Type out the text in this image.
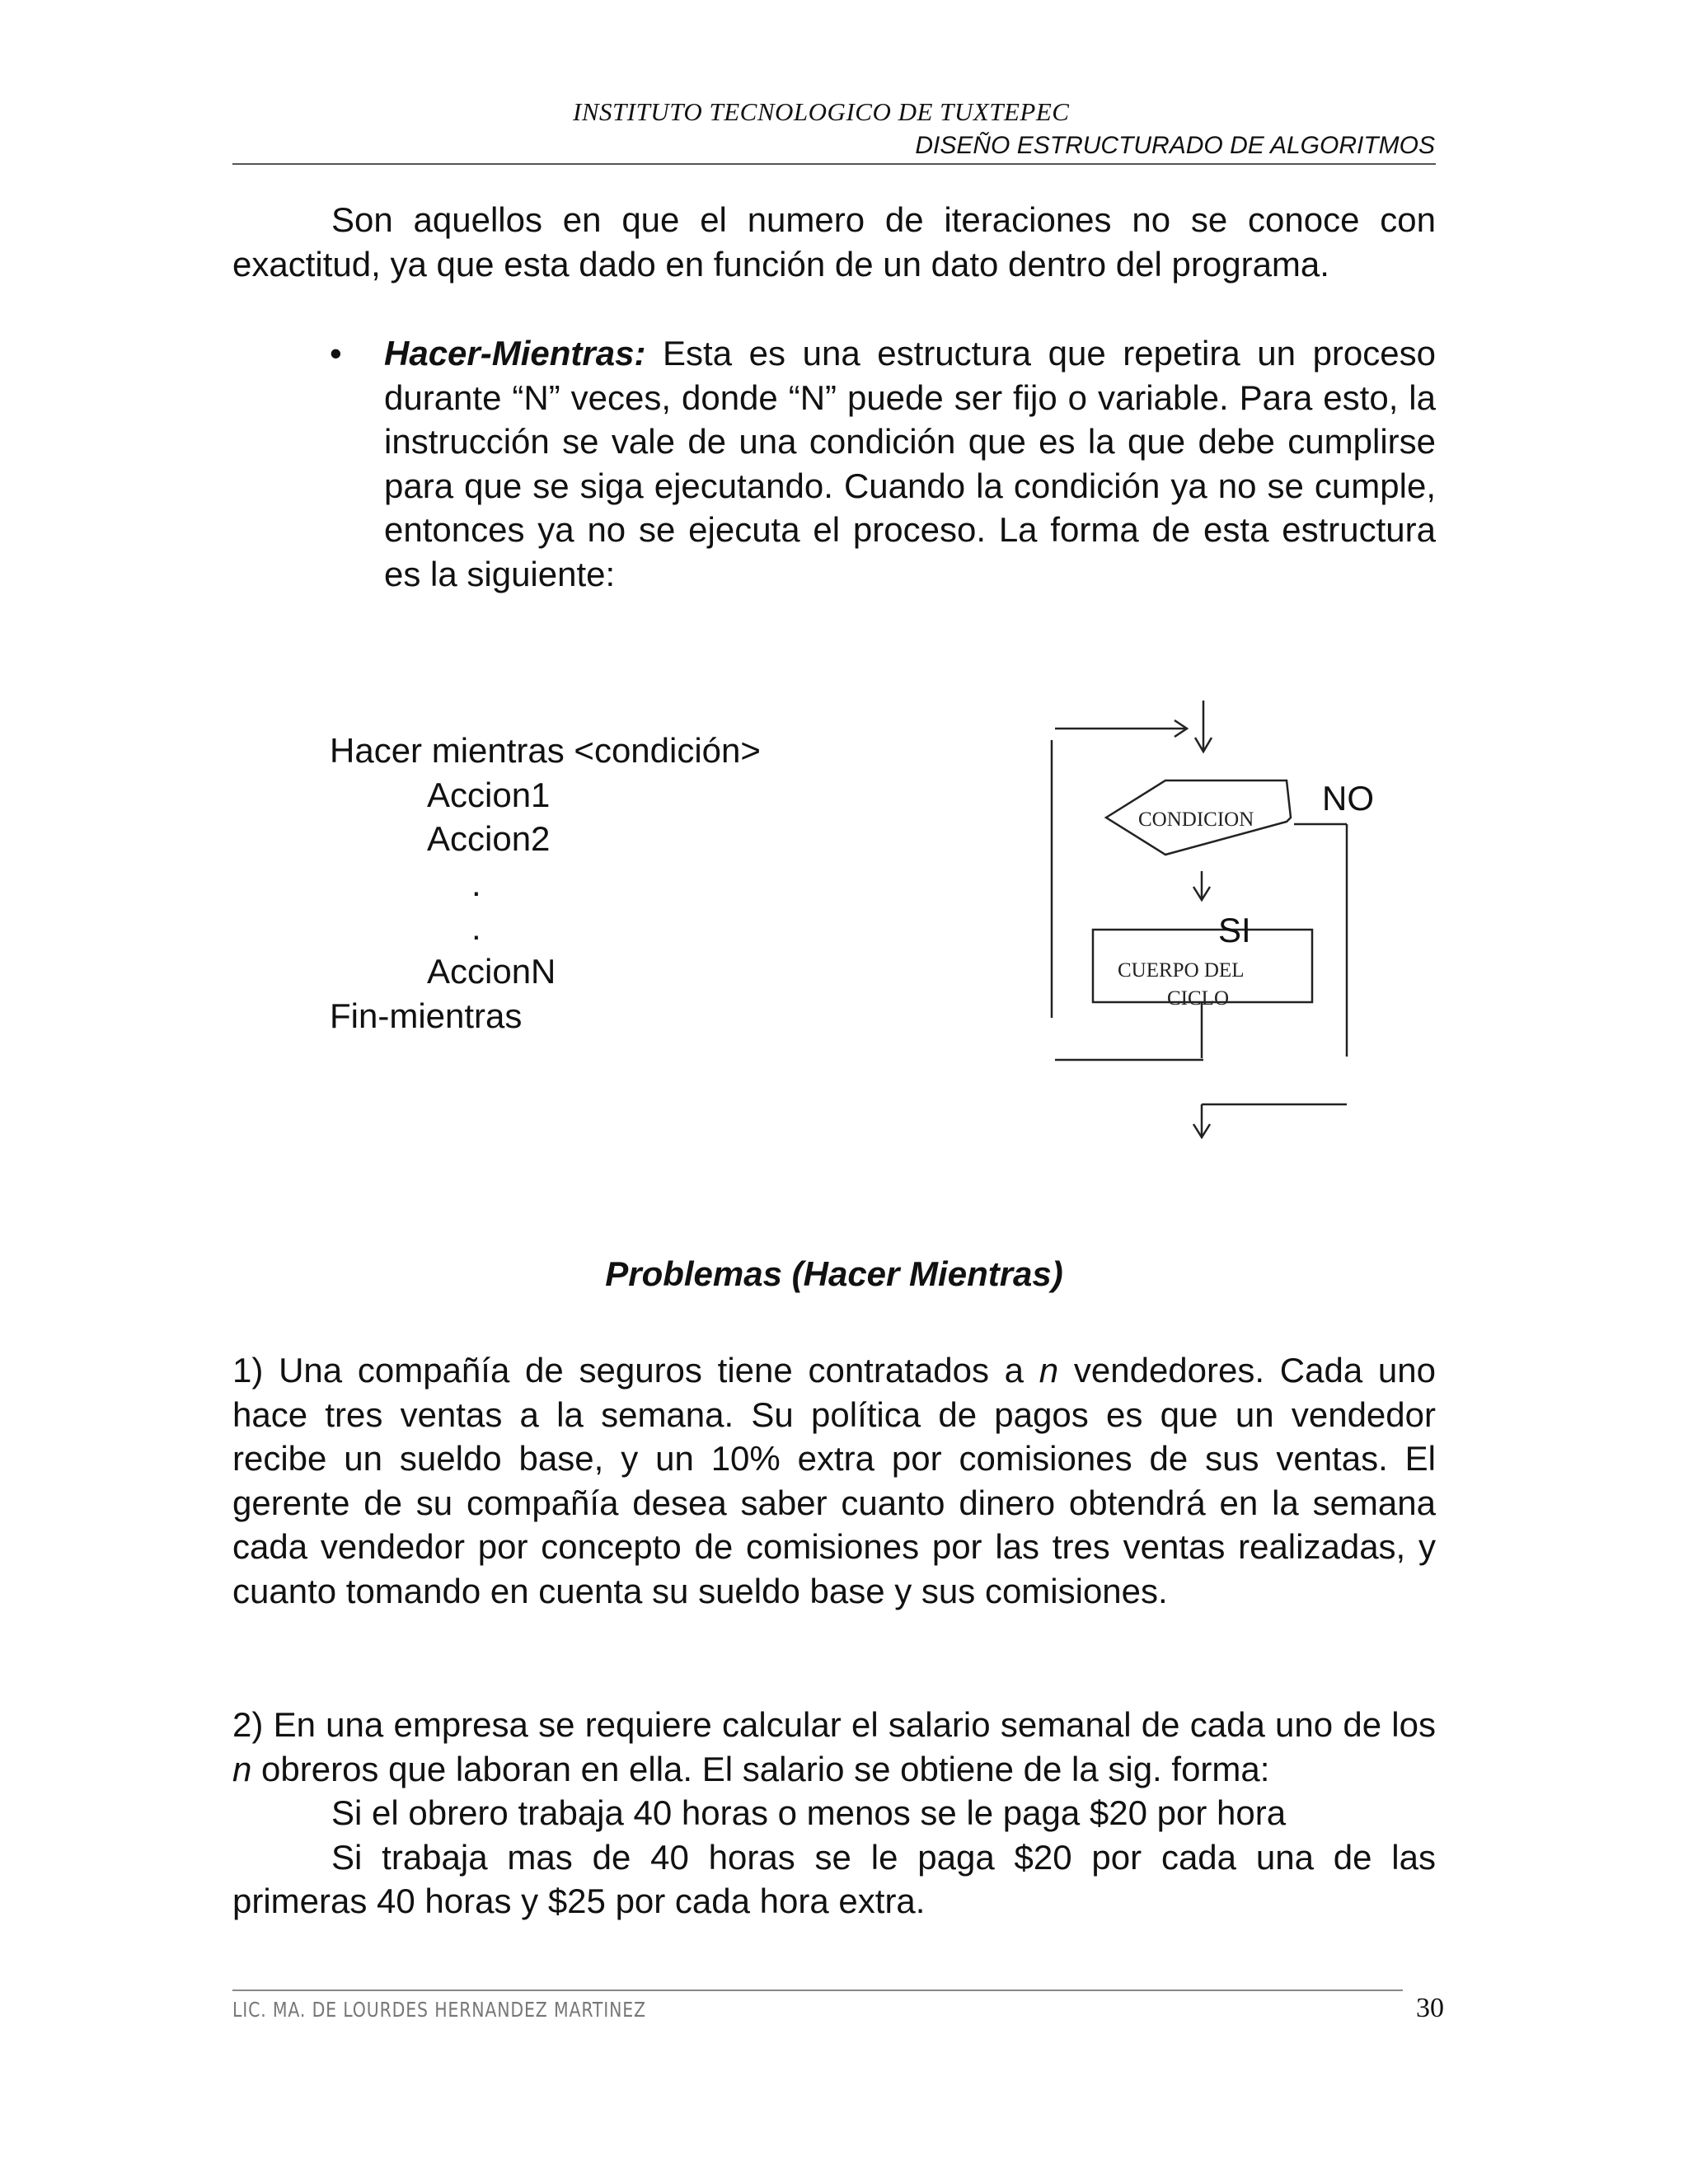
INSTITUTO TECNOLOGICO DE TUXTEPEC
DISEÑO ESTRUCTURADO DE ALGORITMOS
Son aquellos en que el numero de iteraciones no se conoce con exactitud, ya que esta dado en función de un dato dentro del programa.
• Hacer-Mientras: Esta es una estructura que repetira un proceso durante “N” veces, donde “N” puede ser fijo o variable. Para esto, la instrucción se vale de una condición que es la que debe cumplirse para que se siga ejecutando. Cuando la condición ya no se cumple, entonces ya no se ejecuta el proceso. La forma de esta estructura es la siguiente:
Hacer mientras <condición>
Accion1
Accion2
.
.
AccionN
Fin-mientras
CONDICION
NO
SI
CUERPO DEL
CICLO
Problemas (Hacer Mientras)
1) Una compañía de seguros tiene contratados a n vendedores. Cada uno hace tres ventas a la semana. Su política de pagos es que un vendedor recibe un sueldo base, y un 10% extra por comisiones de sus ventas. El gerente de su compañía desea saber cuanto dinero obtendrá en la semana cada vendedor por concepto de comisiones por las tres ventas realizadas, y cuanto tomando en cuenta su sueldo base y sus comisiones.
2) En una empresa se requiere calcular el salario semanal de cada uno de los n obreros que laboran en ella. El salario se obtiene de la sig. forma:
Si el obrero trabaja 40 horas o menos se le paga $20 por hora
Si trabaja mas de 40 horas se le paga $20 por cada una de las primeras 40 horas y $25 por cada hora extra.
LIC. MA. DE LOURDES HERNANDEZ MARTINEZ	30
